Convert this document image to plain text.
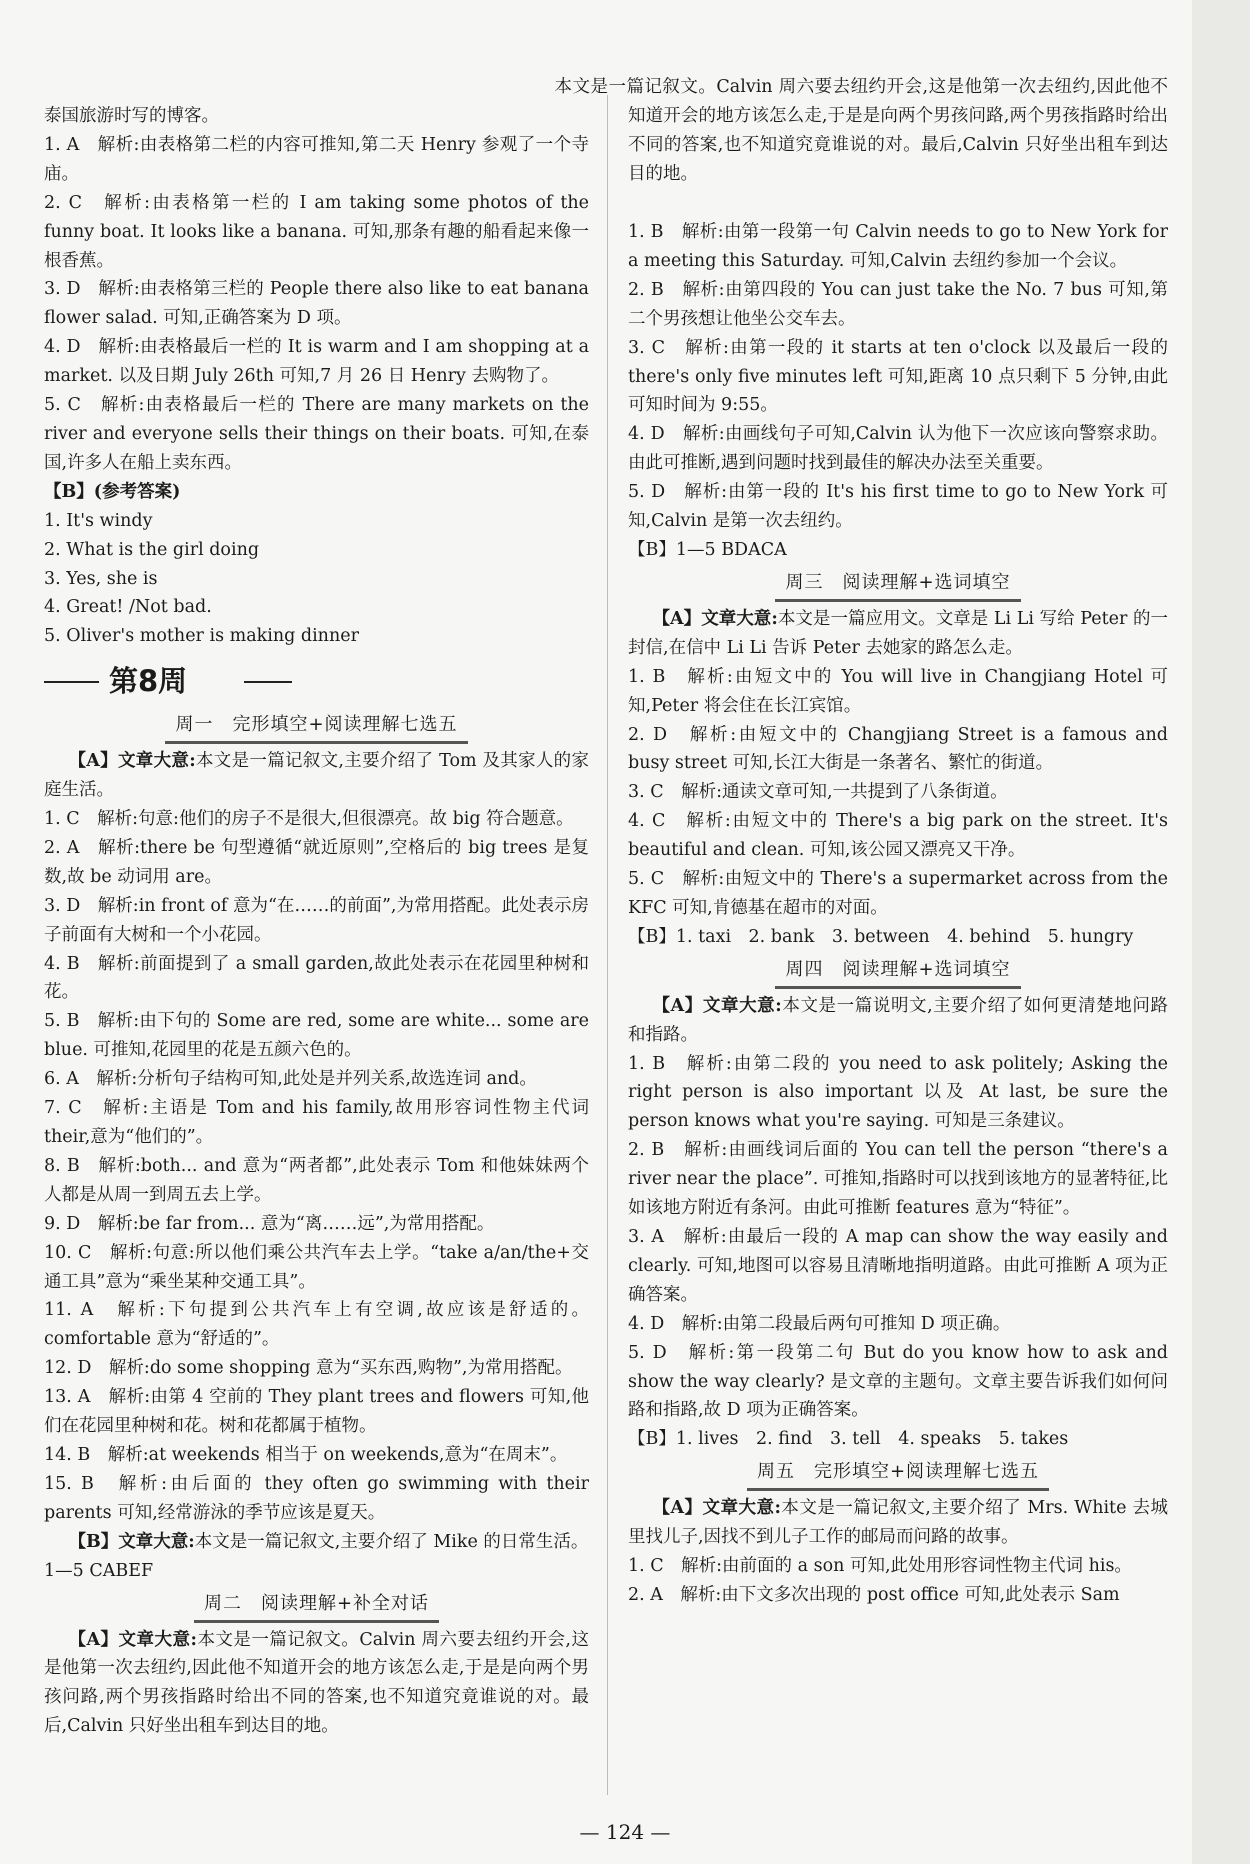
泰国旅游时写的博客。

1. A　解析:由表格第二栏的内容可推知,第二天 Henry 参观了一个寺庙。

2. C　解析:由表格第一栏的 I am taking some photos of the funny boat. It looks like a banana. 可知,那条有趣的船看起来像一根香蕉。

3. D　解析:由表格第三栏的 People there also like to eat banana flower salad. 可知,正确答案为 D 项。

4. D　解析:由表格最后一栏的 It is warm and I am shopping at a market. 以及日期 July 26th 可知,7 月 26 日 Henry 去购物了。

5. C　解析:由表格最后一栏的 There are many markets on the river and everyone sells their things on their boats. 可知,在泰国,许多人在船上卖东西。

【B】(参考答案)

1. It's windy

2. What is the girl doing

3. Yes, she is

4. Great! /Not bad.

5. Oliver's mother is making dinner

第8周
周一　完形填空+阅读理解七选五

【A】文章大意:本文是一篇记叙文,主要介绍了 Tom 及其家人的家庭生活。

1. C　解析:句意:他们的房子不是很大,但很漂亮。故 big 符合题意。

2. A　解析:there be 句型遵循“就近原则”,空格后的 big trees 是复数,故 be 动词用 are。

3. D　解析:in front of 意为“在……的前面”,为常用搭配。此处表示房子前面有大树和一个小花园。

4. B　解析:前面提到了 a small garden,故此处表示在花园里种树和花。

5. B　解析:由下句的 Some are red, some are white... some are blue. 可推知,花园里的花是五颜六色的。

6. A　解析:分析句子结构可知,此处是并列关系,故选连词 and。

7. C　解析:主语是 Tom and his family,故用形容词性物主代词 their,意为“他们的”。

8. B　解析:both... and 意为“两者都”,此处表示 Tom 和他妹妹两个人都是从周一到周五去上学。

9. D　解析:be far from... 意为“离……远”,为常用搭配。

10. C　解析:句意:所以他们乘公共汽车去上学。“take a/an/the+交通工具”意为“乘坐某种交通工具”。

11. A　解析:下句提到公共汽车上有空调,故应该是舒适的。comfortable 意为“舒适的”。

12. D　解析:do some shopping 意为“买东西,购物”,为常用搭配。

13. A　解析:由第 4 空前的 They plant trees and flowers 可知,他们在花园里种树和花。树和花都属于植物。

14. B　解析:at weekends 相当于 on weekends,意为“在周末”。

15. B　解析:由后面的 they often go swimming with their parents 可知,经常游泳的季节应该是夏天。

【B】文章大意:本文是一篇记叙文,主要介绍了 Mike 的日常生活。

1—5 CABEF

周二　阅读理解+补全对话

【A】文章大意:本文是一篇记叙文。Calvin 周六要去纽约开会,这是他第一次去纽约,因此他不知道开会的地方该怎么走,于是是向两个男孩问路,两个男孩指路时给出不同的答案,也不知道究竟谁说的对。最后,Calvin 只好坐出租车到达目的地。

本文是一篇记叙文。Calvin 周六要去纽约开会,这是他第一次去纽约,因此他不知道开会的地方该怎么走,于是是向两个男孩问路,两个男孩指路时给出不同的答案,也不知道究竟谁说的对。最后,Calvin 只好坐出租车到达目的地。

1. B　解析:由第一段第一句 Calvin needs to go to New York for a meeting this Saturday. 可知,Calvin 去纽约参加一个会议。

2. B　解析:由第四段的 You can just take the No. 7 bus 可知,第二个男孩想让他坐公交车去。

3. C　解析:由第一段的 it starts at ten o'clock 以及最后一段的 there's only five minutes left 可知,距离 10 点只剩下 5 分钟,由此可知时间为 9:55。

4. D　解析:由画线句子可知,Calvin 认为他下一次应该向警察求助。由此可推断,遇到问题时找到最佳的解决办法至关重要。

5. D　解析:由第一段的 It's his first time to go to New York 可知,Calvin 是第一次去纽约。

【B】1—5 BDACA

周三　阅读理解+选词填空

【A】文章大意:本文是一篇应用文。文章是 Li Li 写给 Peter 的一封信,在信中 Li Li 告诉 Peter 去她家的路怎么走。

1. B　解析:由短文中的 You will live in Changjiang Hotel 可知,Peter 将会住在长江宾馆。

2. D　解析:由短文中的 Changjiang Street is a famous and busy street 可知,长江大街是一条著名、繁忙的街道。

3. C　解析:通读文章可知,一共提到了八条街道。

4. C　解析:由短文中的 There's a big park on the street. It's beautiful and clean. 可知,该公园又漂亮又干净。

5. C　解析:由短文中的 There's a supermarket across from the KFC 可知,肯德基在超市的对面。

【B】1. taxi　2. bank　3. between　4. behind　5. hungry

周四　阅读理解+选词填空

【A】文章大意:本文是一篇说明文,主要介绍了如何更清楚地问路和指路。

1. B　解析:由第二段的 you need to ask politely; Asking the right person is also important 以及 At last, be sure the person knows what you're saying. 可知是三条建议。

2. B　解析:由画线词后面的 You can tell the person “there's a river near the place”. 可推知,指路时可以找到该地方的显著特征,比如该地方附近有条河。由此可推断 features 意为“特征”。

3. A　解析:由最后一段的 A map can show the way easily and clearly. 可知,地图可以容易且清晰地指明道路。由此可推断 A 项为正确答案。

4. D　解析:由第二段最后两句可推知 D 项正确。

5. D　解析:第一段第二句 But do you know how to ask and show the way clearly? 是文章的主题句。文章主要告诉我们如何问路和指路,故 D 项为正确答案。

【B】1. lives　2. find　3. tell　4. speaks　5. takes

周五　完形填空+阅读理解七选五

【A】文章大意:本文是一篇记叙文,主要介绍了 Mrs. White 去城里找儿子,因找不到儿子工作的邮局而问路的故事。

1. C　解析:由前面的 a son 可知,此处用形容词性物主代词 his。

2. A　解析:由下文多次出现的 post office 可知,此处表示 Sam

— 124 —
